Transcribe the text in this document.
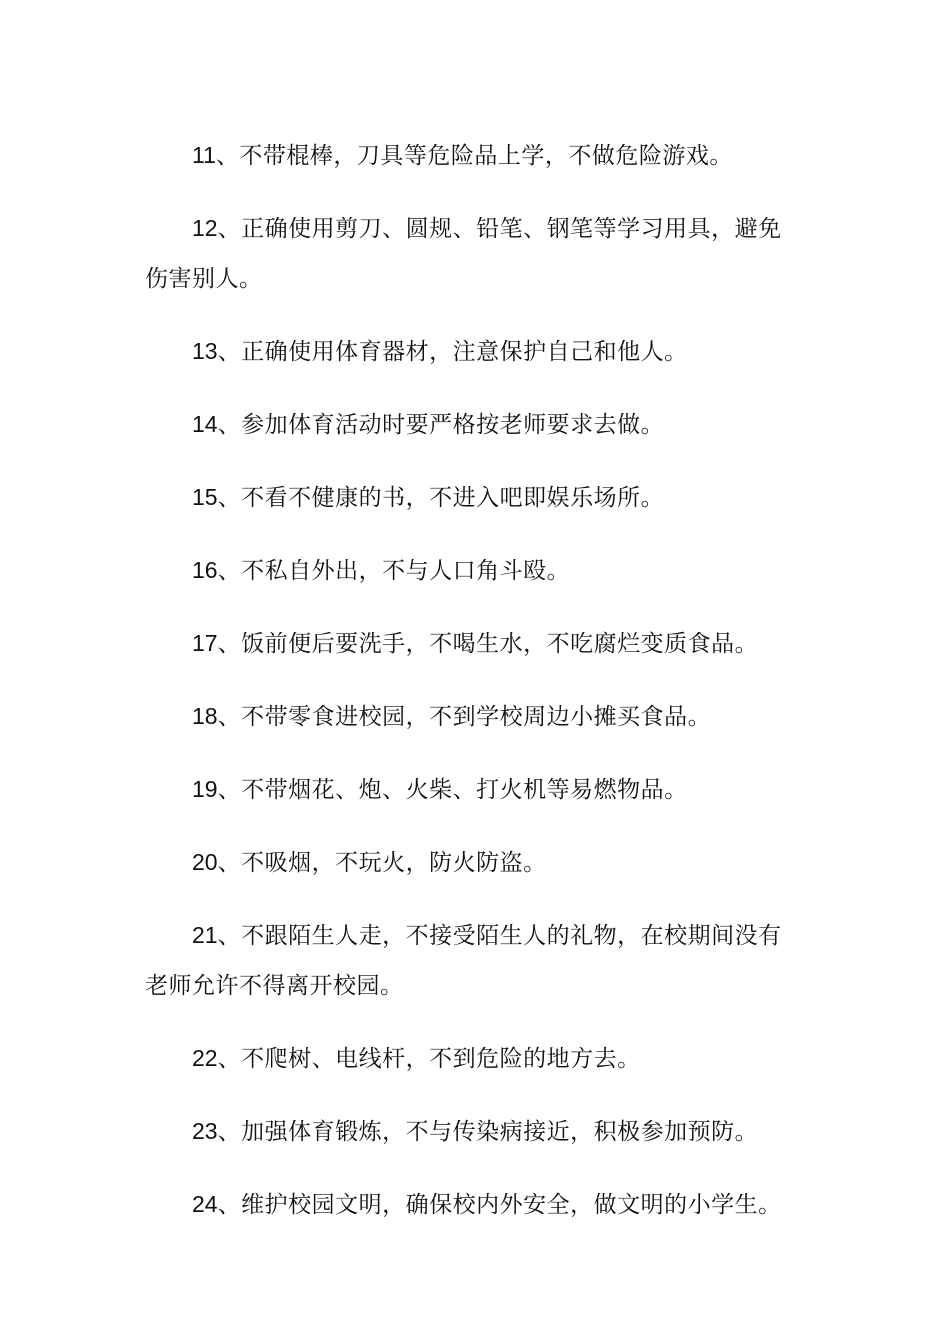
11、不带棍棒，刀具等危险品上学，不做危险游戏。

12、正确使用剪刀、圆规、铅笔、钢笔等学习用具，避免伤害别人。

13、正确使用体育器材，注意保护自己和他人。

14、参加体育活动时要严格按老师要求去做。

15、不看不健康的书，不进入吧即娱乐场所。

16、不私自外出，不与人口角斗殴。

17、饭前便后要洗手，不喝生水，不吃腐烂变质食品。

18、不带零食进校园，不到学校周边小摊买食品。

19、不带烟花、炮、火柴、打火机等易燃物品。

20、不吸烟，不玩火，防火防盗。

21、不跟陌生人走，不接受陌生人的礼物，在校期间没有老师允许不得离开校园。

22、不爬树、电线杆，不到危险的地方去。

23、加强体育锻炼，不与传染病接近，积极参加预防。

24、维护校园文明，确保校内外安全，做文明的小学生。
